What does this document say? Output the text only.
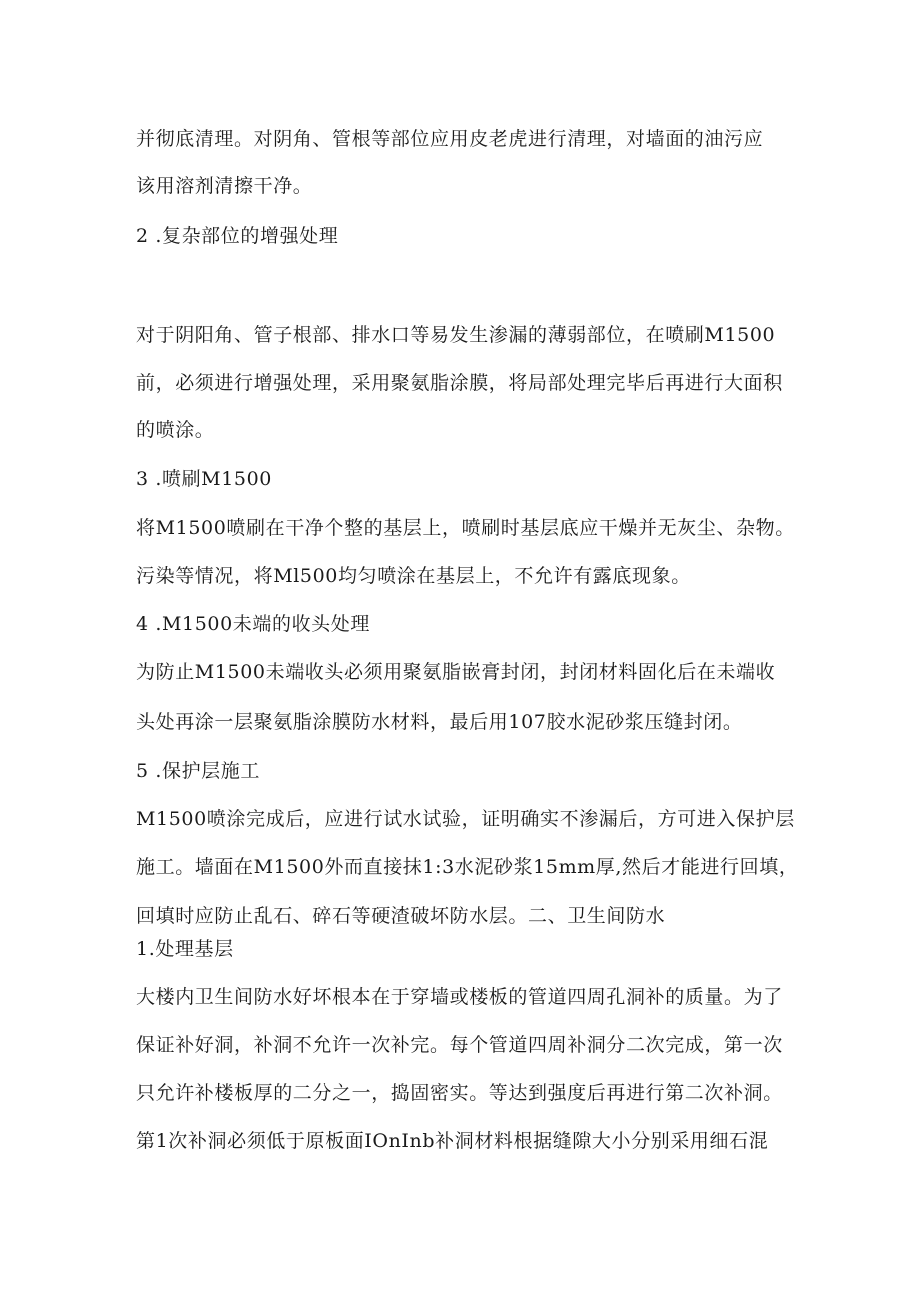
并彻底清理。对阴角、管根等部位应用皮老虎进行清理，对墙面的油污应
该用溶剂清擦干净。
2 .复杂部位的增强处理
对于阴阳角、管子根部、排水口等易发生渗漏的薄弱部位，在喷刷M1500
前，必须进行增强处理，采用聚氨脂涂膜，将局部处理完毕后再进行大面积
的喷涂。
3 .喷刷M1500
将M1500喷刷在干净个整的基层上，喷刷时基层底应干燥并无灰尘、杂物。
污染等情况，将Ml500均匀喷涂在基层上，不允许有露底现象。
4 .M1500未端的收头处理
为防止M1500未端收头必须用聚氨脂嵌膏封闭，封闭材料固化后在未端收
头处再涂一层聚氨脂涂膜防水材料，最后用107胶水泥砂浆压缝封闭。
5 .保护层施工
M1500喷涂完成后，应进行试水试验，证明确实不渗漏后，方可进入保护层
施工。墙面在M1500外而直接抹1:3水泥砂浆15mm厚,然后才能进行回填，
回填时应防止乱石、碎石等硬渣破坏防水层。二、卫生间防水
1.处理基层
大楼内卫生间防水好坏根本在于穿墙或楼板的管道四周孔洞补的质量。为了
保证补好洞，补洞不允许一次补完。每个管道四周补洞分二次完成，第一次
只允许补楼板厚的二分之一，捣固密实。等达到强度后再进行第二次补洞。
第1次补洞必须低于原板面IOnInb补洞材料根据缝隙大小分别采用细石混
